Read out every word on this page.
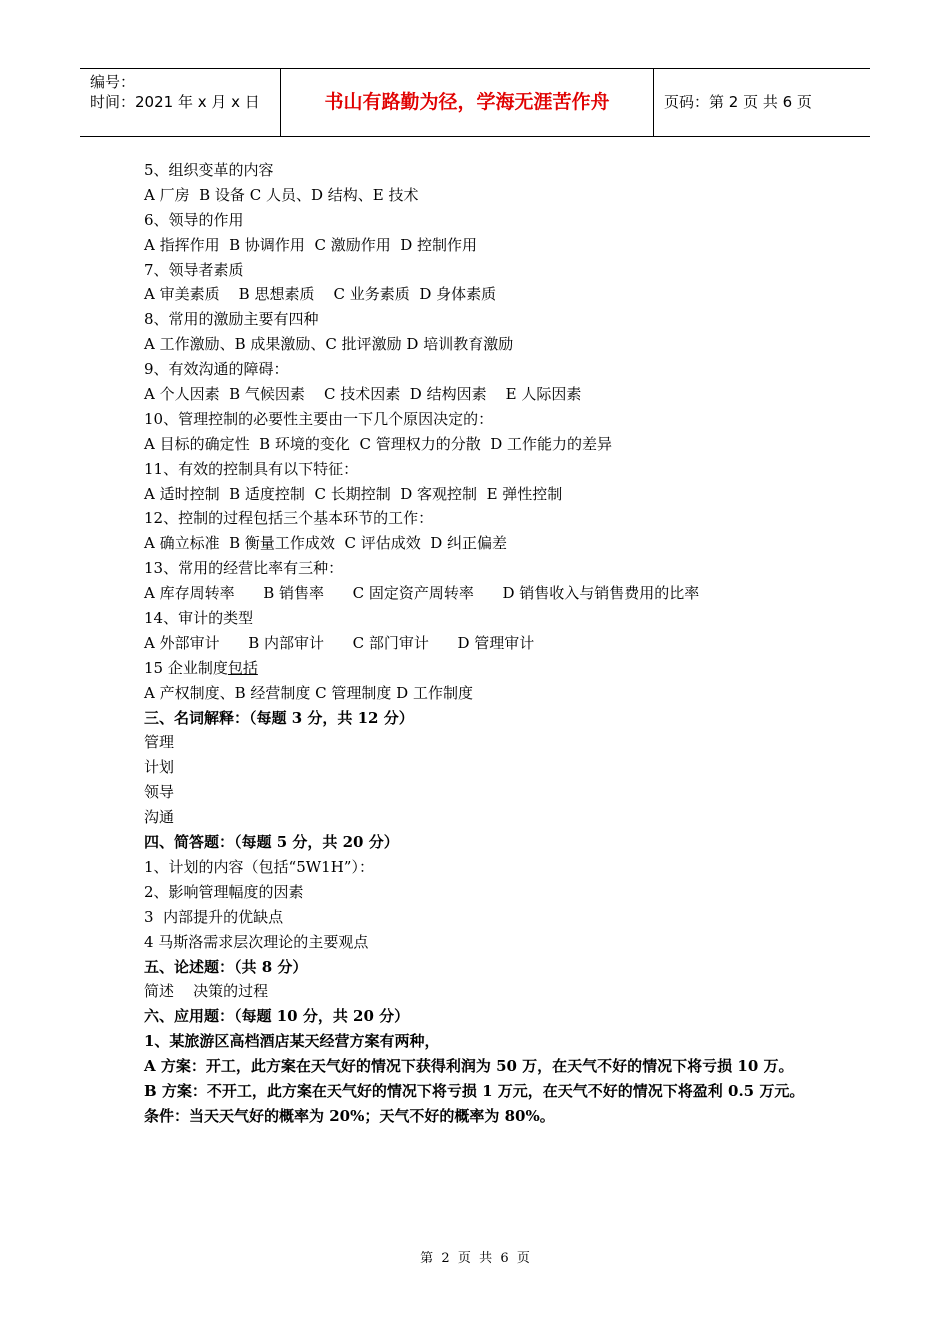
编号：
时间：2021 年 x 月 x 日	书山有路勤为径，学海无涯苦作舟	页码：第 2 页 共 6 页
5、组织变革的内容
A 厂房  B 设备 C 人员、D 结构、E 技术
6、领导的作用
A 指挥作用  B 协调作用  C 激励作用  D 控制作用
7、领导者素质
A 审美素质    B 思想素质    C 业务素质  D 身体素质
8、常用的激励主要有四种
A 工作激励、B 成果激励、C 批评激励 D 培训教育激励
9、有效沟通的障碍：
A 个人因素  B 气候因素    C 技术因素  D 结构因素    E 人际因素
10、管理控制的必要性主要由一下几个原因决定的：
A 目标的确定性  B 环境的变化  C 管理权力的分散  D 工作能力的差异
11、有效的控制具有以下特征：
A 适时控制  B 适度控制  C 长期控制  D 客观控制  E 弹性控制
12、控制的过程包括三个基本环节的工作：
A 确立标准  B 衡量工作成效  C 评估成效  D 纠正偏差
13、常用的经营比率有三种：
A 库存周转率      B 销售率      C 固定资产周转率      D 销售收入与销售费用的比率
14、审计的类型
A 外部审计      B 内部审计      C 部门审计      D 管理审计
15 企业制度包括
A 产权制度、B 经营制度 C 管理制度 D 工作制度
三、名词解释：（每题 3 分，共 12 分）
管理
计划
领导
沟通
四、简答题：（每题 5 分，共 20 分）
1、计划的内容（包括“5W1H”）：
2、影响管理幅度的因素
3  内部提升的优缺点
4 马斯洛需求层次理论的主要观点
五、论述题：（共 8 分）
简述    决策的过程
六、应用题：（每题 10 分，共 20 分）
1、某旅游区高档酒店某天经营方案有两种，
A 方案：开工，此方案在天气好的情况下获得利润为 50 万，在天气不好的情况下将亏损 10 万。
B 方案：不开工，此方案在天气好的情况下将亏损 1 万元，在天气不好的情况下将盈利 0.5 万元。
条件：当天天气好的概率为 20%；天气不好的概率为 80%。
第  2  页  共  6  页
